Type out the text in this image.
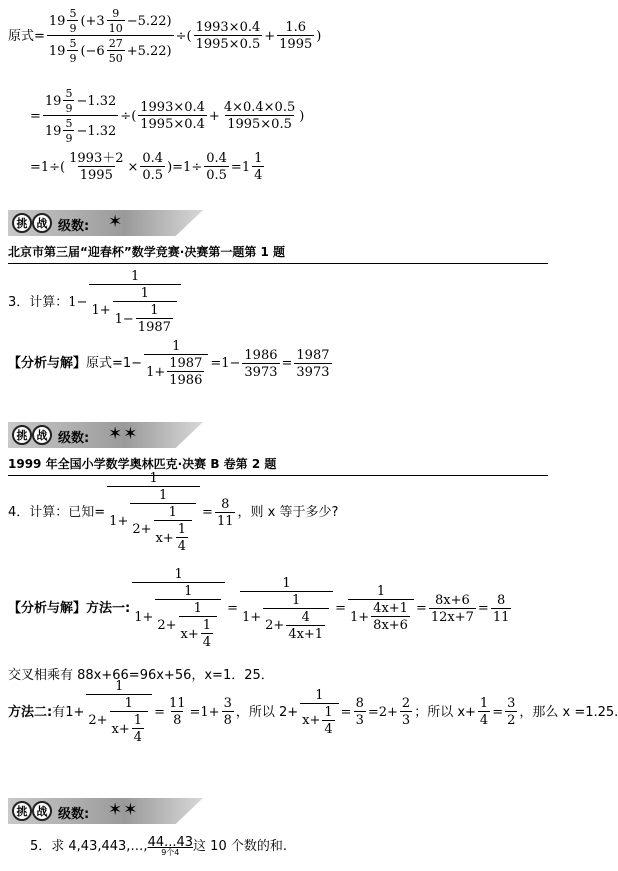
原式= 19 5
9 (+3 9
10 −5.22)
19 5
9 (−6 27
50 +5.22) ÷(
1993×0.4
1995×0.5
+ $\frac{1.6}{1995}$ )
= 19 5
9 −1.32
19 5
9 −1.32 ÷(
1993×0.4
1995×0.4
+ $\frac{4\times 0.4\times 0.5}{1995\times 0.5}$ )
$=1\div( \frac{1993+2}{1995} \times \frac{0.4}{0.5} )=1\div \frac{0.4}{0.5} =1$
1
4
挑 战 级数: ✶
北京市第三届“迎春杯”数学竞赛·决赛第一题第 1 题
3．计算： $1- \frac{1}{1+ \frac{1}{1- \frac{1}{1987}}}$
【分析与解】 原式$=1- \frac{1}{1+ \frac{1987}{1986}} =1- \frac{1986}{3973} = \frac{1987}{3973}$
挑 战 级数: ✶✶
1999 年全国小学数学奥林匹克·决赛 B 卷第 2 题
4．计算：已知=
1
$1+ \frac{1}{2+ \frac{1}{x+ \frac{1}{4}}} = \frac{8}{11}$ ，则 x 等于多少?
【分析与解】方法一:
1
$1+ \frac{1}{2+ \frac{1}{x+ \frac{1}{4}}} = \frac{1}{1+ \frac{1}{2+ \frac{4}{4x+1}}} = \frac{1}{1+ \frac{4x+1}{8x+6}} = \frac{8x+6}{12x+7} = \frac{8}{11}$
交叉相乘有 88x+66=96x+56，x=1．25．
方法二: 有$1+ \frac{1}{2+ \frac{1}{x+ \frac{1}{4}}} = \frac{11}{8} =1+ \frac{3}{8}$ ，所以 $2+ \frac{1}{x+ \frac{1}{4}} = \frac{8}{3} =2+ \frac{2}{3}$ ；所以 $x+ \frac{1}{4} = \frac{3}{2}$ ，那么 x =1.25.
挑 战 级数: ✶✶
5．求 4,43,443,…, 44...43
9个4 这 10 个数的和.
